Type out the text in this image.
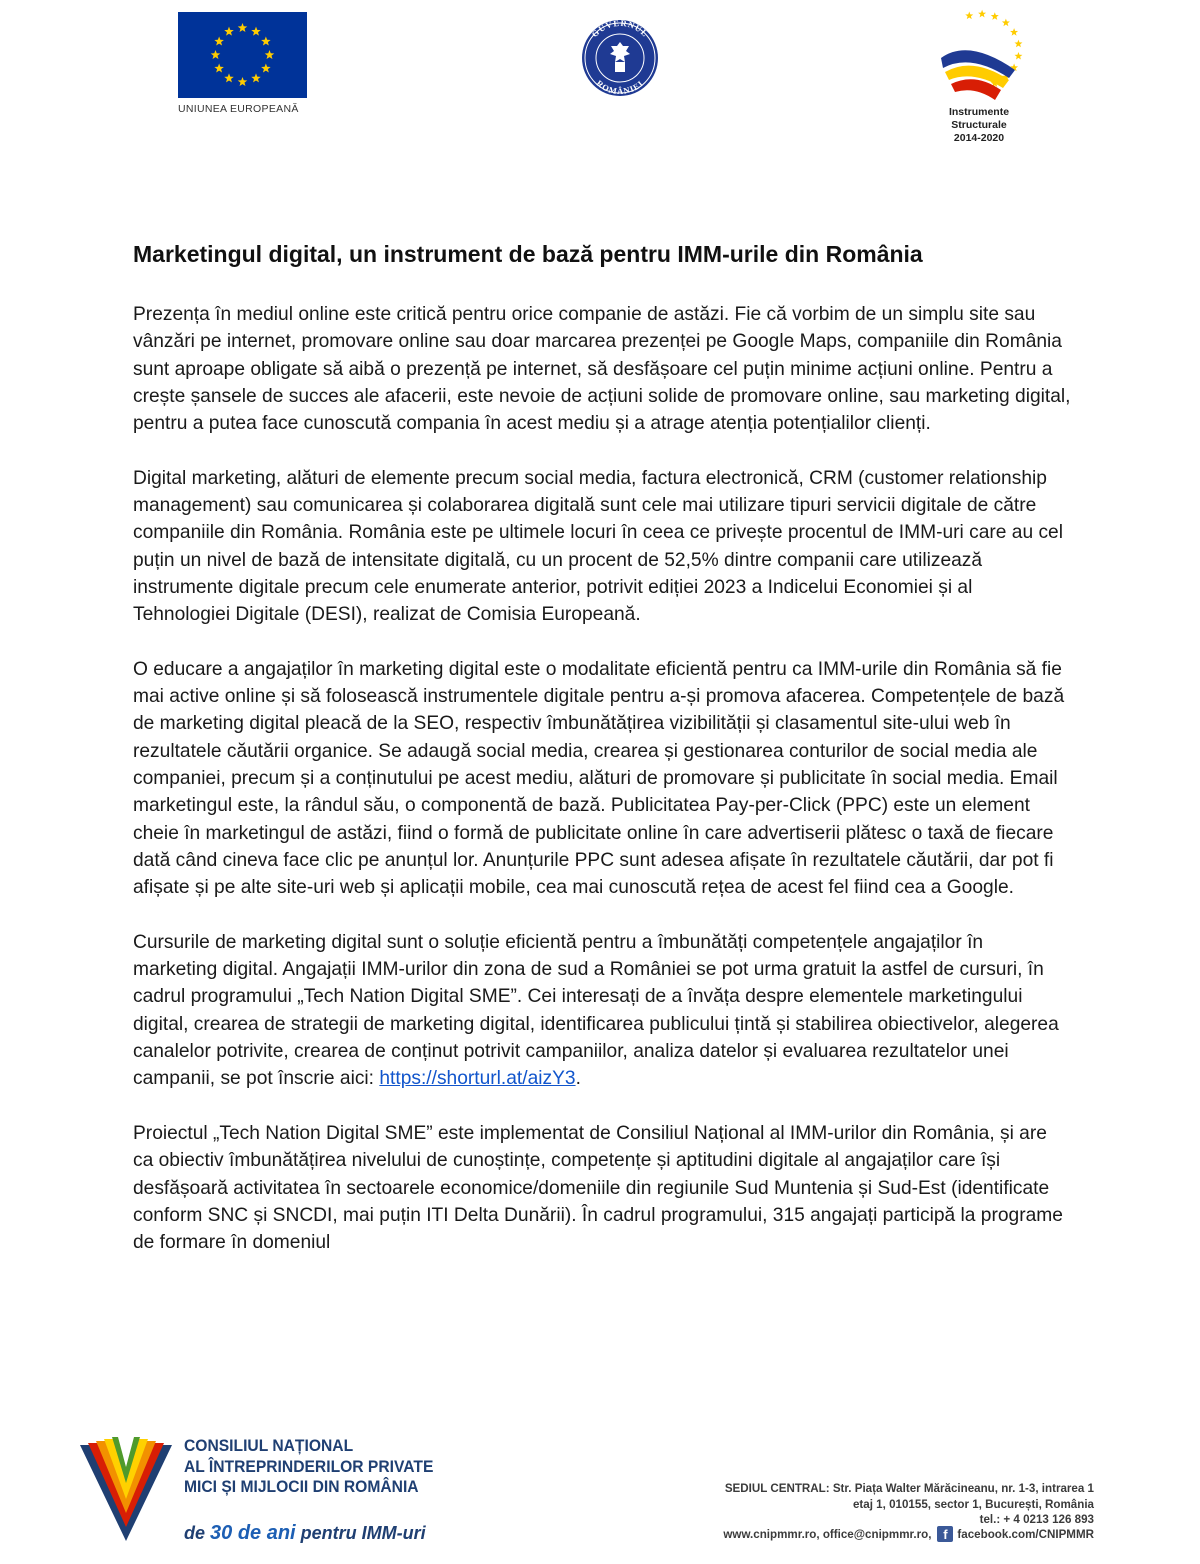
UNIUNEA EUROPEANĂ
GUVERNUL
ROMÂNIEI
Instrumente Structurale
2014-2020
Marketingul digital, un instrument de bază pentru IMM-urile din România

Prezența în mediul online este critică pentru orice companie de astăzi. Fie că vorbim de un simplu site sau vânzări pe internet, promovare online sau doar marcarea prezenței pe Google Maps, companiile din România sunt aproape obligate să aibă o prezență pe internet, să desfășoare cel puțin minime acțiuni online. Pentru a crește șansele de succes ale afacerii, este nevoie de acțiuni solide de promovare online, sau marketing digital, pentru a putea face cunoscută compania în acest mediu și a atrage atenția potențialilor clienți.

Digital marketing, alături de elemente precum social media, factura electronică, CRM (customer relationship management) sau comunicarea și colaborarea digitală sunt cele mai utilizare tipuri servicii digitale de către companiile din România. România este pe ultimele locuri în ceea ce privește procentul de IMM-uri care au cel puțin un nivel de bază de intensitate digitală, cu un procent de 52,5% dintre companii care utilizează instrumente digitale precum cele enumerate anterior, potrivit ediției 2023 a Indicelui Economiei și al Tehnologiei Digitale (DESI), realizat de Comisia Europeană.

O educare a angajaților în marketing digital este o modalitate eficientă pentru ca IMM-urile din România să fie mai active online și să folosească instrumentele digitale pentru a-și promova afacerea. Competențele de bază de marketing digital pleacă de la SEO, respectiv îmbunătățirea vizibilității și clasamentul site-ului web în rezultatele căutării organice. Se adaugă social media, crearea și gestionarea conturilor de social media ale companiei, precum și a conținutului pe acest mediu, alături de promovare și publicitate în social media. Email marketingul este, la rândul său, o componentă de bază. Publicitatea Pay-per-Click (PPC) este un element cheie în marketingul de astăzi, fiind o formă de publicitate online în care advertiserii plătesc o taxă de fiecare dată când cineva face clic pe anunțul lor. Anunțurile PPC sunt adesea afișate în rezultatele căutării, dar pot fi afișate și pe alte site-uri web și aplicații mobile, cea mai cunoscută rețea de acest fel fiind cea a Google.

Cursurile de marketing digital sunt o soluție eficientă pentru a îmbunătăți competențele angajaților în marketing digital. Angajații IMM-urilor din zona de sud a României se pot urma gratuit la astfel de cursuri, în cadrul programului „Tech Nation Digital SME”. Cei interesați de a învăța despre elementele marketingului digital, crearea de strategii de marketing digital, identificarea publicului țintă și stabilirea obiectivelor, alegerea canalelor potrivite, crearea de conținut potrivit campaniilor, analiza datelor și evaluarea rezultatelor unei campanii, se pot înscrie aici: https://shorturl.at/aizY3.

Proiectul „Tech Nation Digital SME” este implementat de Consiliul Național al IMM-urilor din România, și are ca obiectiv îmbunătățirea nivelului de cunoștințe, competențe și aptitudini digitale al angajaților care își desfășoară activitatea în sectoarele economice/domeniile din regiunile Sud Muntenia și Sud-Est (identificate conform SNC și SNCDI, mai puțin ITI Delta Dunării). În cadrul programului, 315 angajați participă la programe de formare în domeniul

CONSILIUL NAȚIONAL
AL ÎNTREPRINDERILOR PRIVATE
MICI ȘI MIJLOCII DIN ROMÂNIA
de 30 de ani pentru IMM-uri
SEDIUL CENTRAL: Str. Piața Walter Mărăcineanu, nr. 1-3, intrarea 1
etaj 1, 010155, sector 1, București, România
tel.: + 4 0213 126 893
www.cnipmmr.ro, office@cnipmmr.ro, f facebook.com/CNIPMMR
